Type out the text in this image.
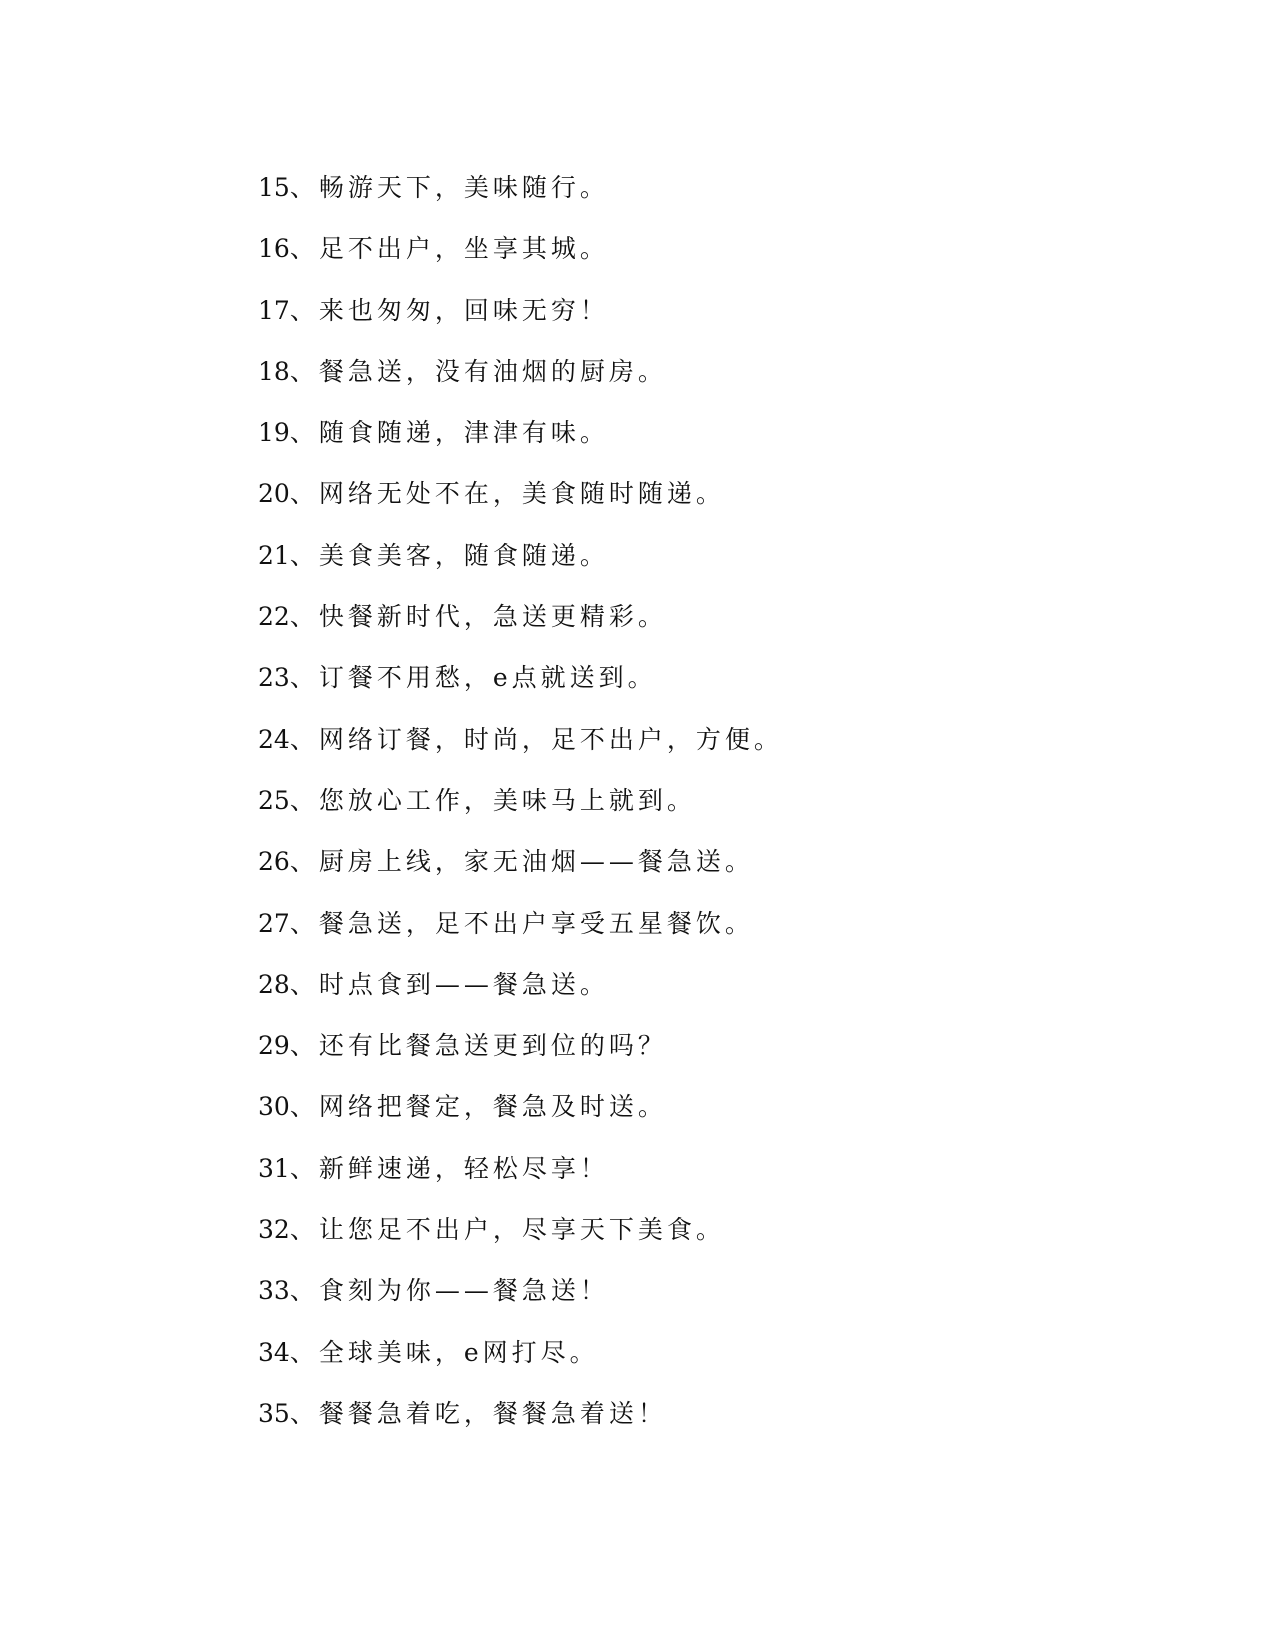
15、畅游天下，美味随行。
16、足不出户，坐享其城。
17、来也匆匆，回味无穷！
18、餐急送，没有油烟的厨房。
19、随食随递，津津有味。
20、网络无处不在，美食随时随递。
21、美食美客，随食随递。
22、快餐新时代，急送更精彩。
23、订餐不用愁，e点就送到。
24、网络订餐，时尚，足不出户，方便。
25、您放心工作，美味马上就到。
26、厨房上线，家无油烟——餐急送。
27、餐急送，足不出户享受五星餐饮。
28、时点食到——餐急送。
29、还有比餐急送更到位的吗？
30、网络把餐定，餐急及时送。
31、新鲜速递，轻松尽享！
32、让您足不出户，尽享天下美食。
33、食刻为你——餐急送！
34、全球美味，e网打尽。
35、餐餐急着吃，餐餐急着送！
